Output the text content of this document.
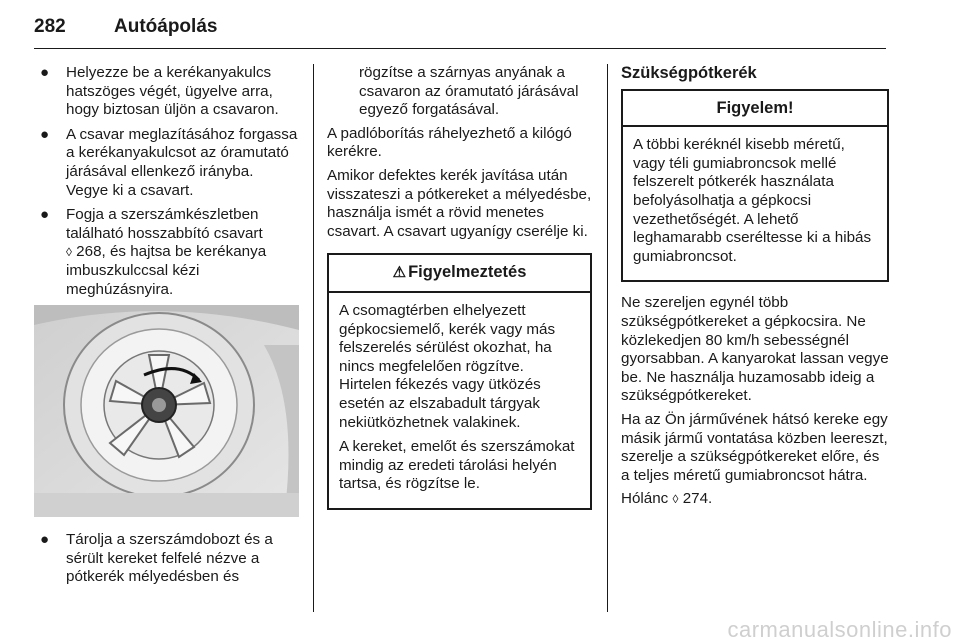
282	Autóápolás
● Helyezze be a kerékanyakulcs hatszöges végét, ügyelve arra, hogy biztosan üljön a csavaron.
● A csavar meglazításához forgassa a kerékanyakulcsot az óramutató járásával ellenkező irányba. Vegye ki a csavart.
● Fogja a szerszámkészletben található hosszabbító csavart
◊ 268, és hajtsa be kerékanya imbuszkulccsal kézi meghúzásnyira.
● Tárolja a szerszámdobozt és a sérült kereket felfelé nézve a pótkerék mélyedésben és

rögzítse a szárnyas anyának a csavaron az óramutató járásával egyező forgatásával.

A padlóborítás ráhelyezhető a kilógó kerékre.

Amikor defektes kerék javítása után visszateszi a pótkereket a mélyedésbe, használja ismét a rövid menetes csavart. A csavart ugyanígy cserélje ki.

⚠ Figyelmeztetés

A csomagtérben elhelyezett gépkocsiemelő, kerék vagy más felszerelés sérülést okozhat, ha nincs megfelelően rögzítve. Hirtelen fékezés vagy ütközés esetén az elszabadult tárgyak nekiütközhetnek valakinek.

A kereket, emelőt és szerszámokat mindig az eredeti tárolási helyén tartsa, és rögzítse le.

Szükségpótkerék
Figyelem!

A többi keréknél kisebb méretű, vagy téli gumiabroncsok mellé felszerelt pótkerék használata befolyásolhatja a gépkocsi vezethetőségét. A lehető leghamarabb cseréltesse ki a hibás gumiabroncsot.

Ne szereljen egynél több szükségpótkereket a gépkocsira. Ne közlekedjen 80 km/h sebességnél gyorsabban. A kanyarokat lassan vegye be. Ne használja huzamosabb ideig a szükségpótkereket.

Ha az Ön járművének hátsó kereke egy másik jármű vontatása közben leereszt, szerelje a szükségpótkereket előre, és a teljes méretű gumiabroncsot hátra.

Hólánc ◊ 274.

carmanualsonline.info
